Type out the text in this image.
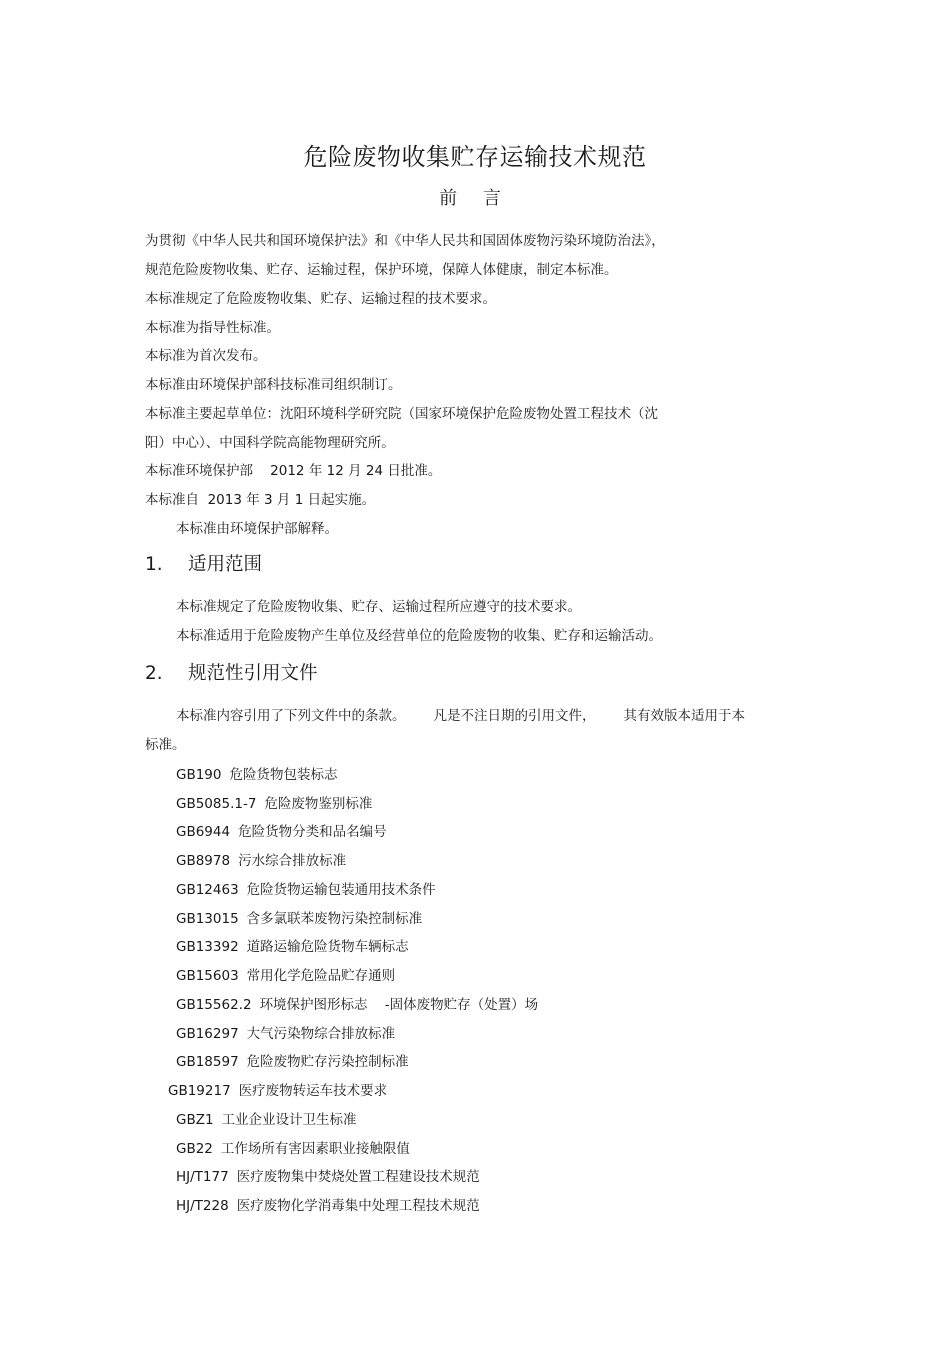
危险废物收集贮存运输技术规范
前 言

为贯彻《中华人民共和国环境保护法》和《中华人民共和国固体废物污染环境防治法》，

规范危险废物收集、贮存、运输过程，保护环境，保障人体健康，制定本标准。

本标准规定了危险废物收集、贮存、运输过程的技术要求。

本标准为指导性标准。

本标准为首次发布。

本标准由环境保护部科技标准司组织制订。

本标准主要起草单位：沈阳环境科学研究院（国家环境保护危险废物处置工程技术（沈

阳）中心）、中国科学院高能物理研究所。

本标准环境保护部    2012 年 12 月 24 日批准。

本标准自  2013 年 3 月 1 日起实施。

本标准由环境保护部解释。

1. 适用范围

本标准规定了危险废物收集、贮存、运输过程所应遵守的技术要求。

本标准适用于危险废物产生单位及经营单位的危险废物的收集、贮存和运输活动。

2. 规范性引用文件

本标准内容引用了下列文件中的条款。 凡是不注日期的引用文件， 其有效版本适用于本

标准。

GB190 危险货物包装标志
GB5085.1-7 危险废物鉴别标准
GB6944 危险货物分类和品名编号
GB8978 污水综合排放标准
GB12463 危险货物运输包装通用技术条件
GB13015 含多氯联苯废物污染控制标准
GB13392 道路运输危险货物车辆标志
GB15603 常用化学危险品贮存通则
GB15562.2 环境保护图形标志    -固体废物贮存（处置）场
GB16297 大气污染物综合排放标准
GB18597 危险废物贮存污染控制标准
GB19217 医疗废物转运车技术要求
GBZ1 工业企业设计卫生标准
GB22 工作场所有害因素职业接触限值
HJ/T177 医疗废物集中焚烧处置工程建设技术规范
HJ/T228 医疗废物化学消毒集中处理工程技术规范
